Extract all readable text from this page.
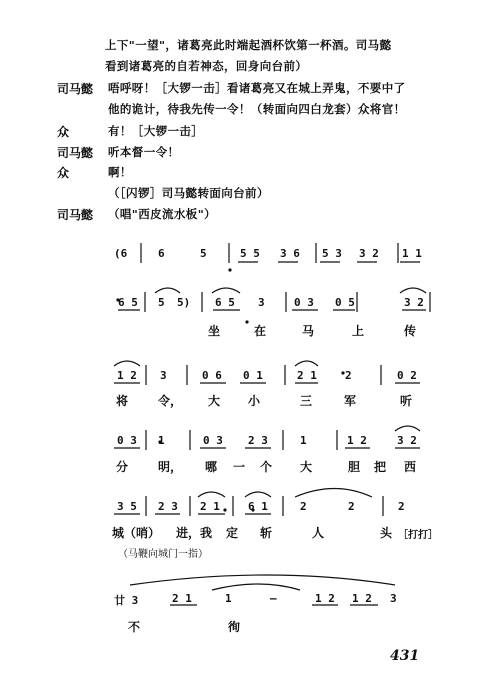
上下"一望"，诸葛亮此时端起酒杯饮第一杯酒。司马懿
看到诸葛亮的自若神态，回身向台前）
司马懿 唔呼呀！［大锣一击］看诸葛亮又在城上弄鬼，不要中了
他的诡计，待我先传一令！（转面向四白龙套）众将官！
众	有！［大锣一击］
司马懿 听本督一令！
众	啊！
（［闪锣］司马懿转面向台前）
司马懿 （唱"西皮流水板"）
(6	6	5	5 5 3 6 5 3 3 2 1 1
6 5 5 5) 6 5 3	0 3 0 5	3 2
坐	在	马	上	传
1 2 3	0 6 0 1	2 1	2	0 2
将 令， 大 小	三	军	听
0 3 1	0 3 2 3	1	1 2	3 2
分 明， 哪 一 个 大	胆 把 西
3 5 2 3 2 1	6 1	2	2	2
城（哨） 进，我 定 斩	人	头 ［打打］
（马鞭向城门一指）
廿 3	2 1	1	–	1 2 1 2 3
不	徇
431
